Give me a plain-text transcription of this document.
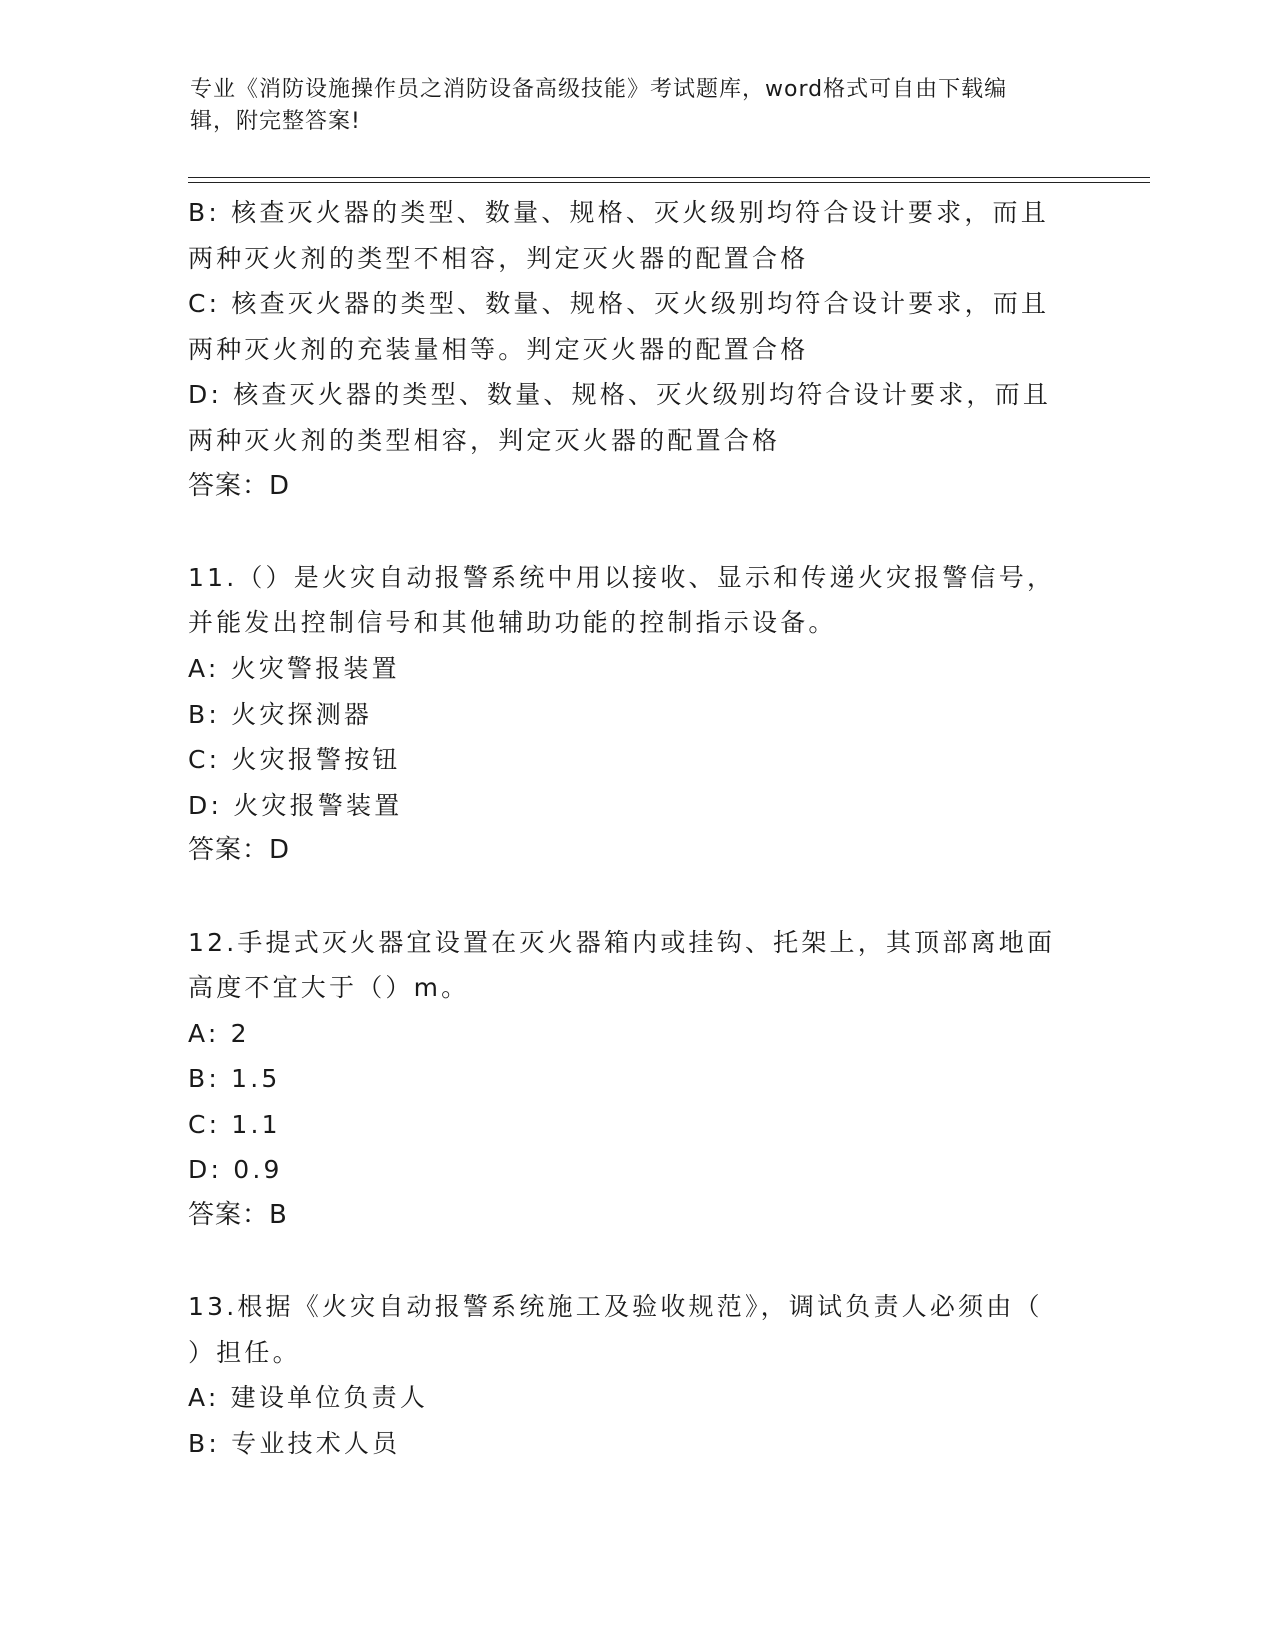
专业《消防设施操作员之消防设备高级技能》考试题库，word格式可自由下载编
辑，附完整答案!
B: 核查灭火器的类型、数量、规格、灭火级别均符合设计要求，而且
两种灭火剂的类型不相容，判定灭火器的配置合格
C: 核查灭火器的类型、数量、规格、灭火级别均符合设计要求，而且
两种灭火剂的充装量相等。判定灭火器的配置合格
D: 核查灭火器的类型、数量、规格、灭火级别均符合设计要求，而且
两种灭火剂的类型相容，判定灭火器的配置合格
答案：D
11.（）是火灾自动报警系统中用以接收、显示和传递火灾报警信号，
并能发出控制信号和其他辅助功能的控制指示设备。
A: 火灾警报装置
B: 火灾探测器
C: 火灾报警按钮
D: 火灾报警装置
答案：D
12.手提式灭火器宜设置在灭火器箱内或挂钩、托架上，其顶部离地面
高度不宜大于（）m。
A: 2
B: 1.5
C: 1.1
D: 0.9
答案：B
13.根据《火灾自动报警系统施工及验收规范》，调试负责人必须由（
）担任。
A: 建设单位负责人
B: 专业技术人员
